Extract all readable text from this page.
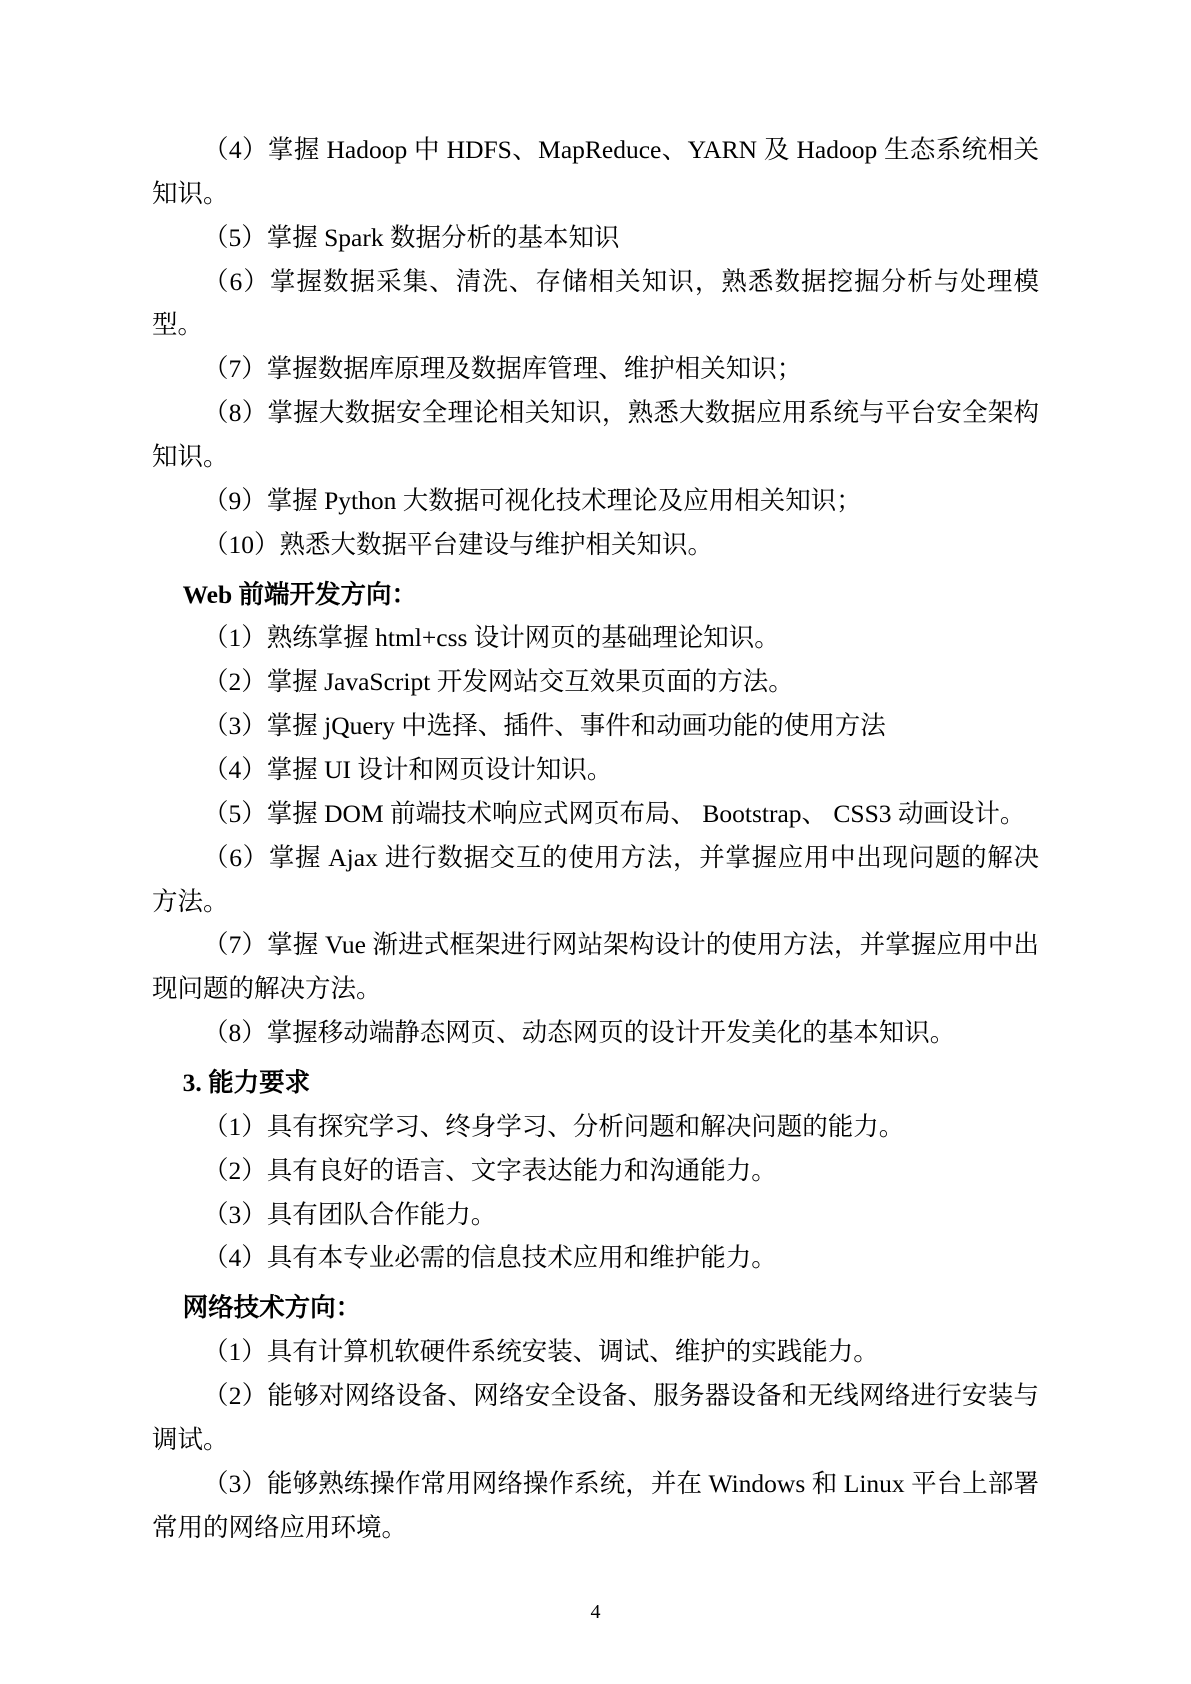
（4）掌握 Hadoop 中 HDFS、MapReduce、YARN 及 Hadoop 生态系统相关知识。

（5）掌握 Spark 数据分析的基本知识

（6）掌握数据采集、清洗、存储相关知识，熟悉数据挖掘分析与处理模型。

（7）掌握数据库原理及数据库管理、维护相关知识；

（8）掌握大数据安全理论相关知识，熟悉大数据应用系统与平台安全架构知识。

（9）掌握 Python 大数据可视化技术理论及应用相关知识；

（10）熟悉大数据平台建设与维护相关知识。

Web 前端开发方向：

（1）熟练掌握 html+css 设计网页的基础理论知识。

（2）掌握 JavaScript 开发网站交互效果页面的方法。

（3）掌握 jQuery 中选择、插件、事件和动画功能的使用方法

（4）掌握 UI 设计和网页设计知识。

（5）掌握 DOM 前端技术响应式网页布局、 Bootstrap、 CSS3 动画设计。

（6）掌握 Ajax 进行数据交互的使用方法，并掌握应用中出现问题的解决方法。

（7）掌握 Vue 渐进式框架进行网站架构设计的使用方法，并掌握应用中出现问题的解决方法。

（8）掌握移动端静态网页、动态网页的设计开发美化的基本知识。

3. 能力要求

（1）具有探究学习、终身学习、分析问题和解决问题的能力。

（2）具有良好的语言、文字表达能力和沟通能力。

（3）具有团队合作能力。

（4）具有本专业必需的信息技术应用和维护能力。

网络技术方向：

（1）具有计算机软硬件系统安装、调试、维护的实践能力。

（2）能够对网络设备、网络安全设备、服务器设备和无线网络进行安装与调试。

（3）能够熟练操作常用网络操作系统，并在 Windows 和 Linux 平台上部署常用的网络应用环境。

4
